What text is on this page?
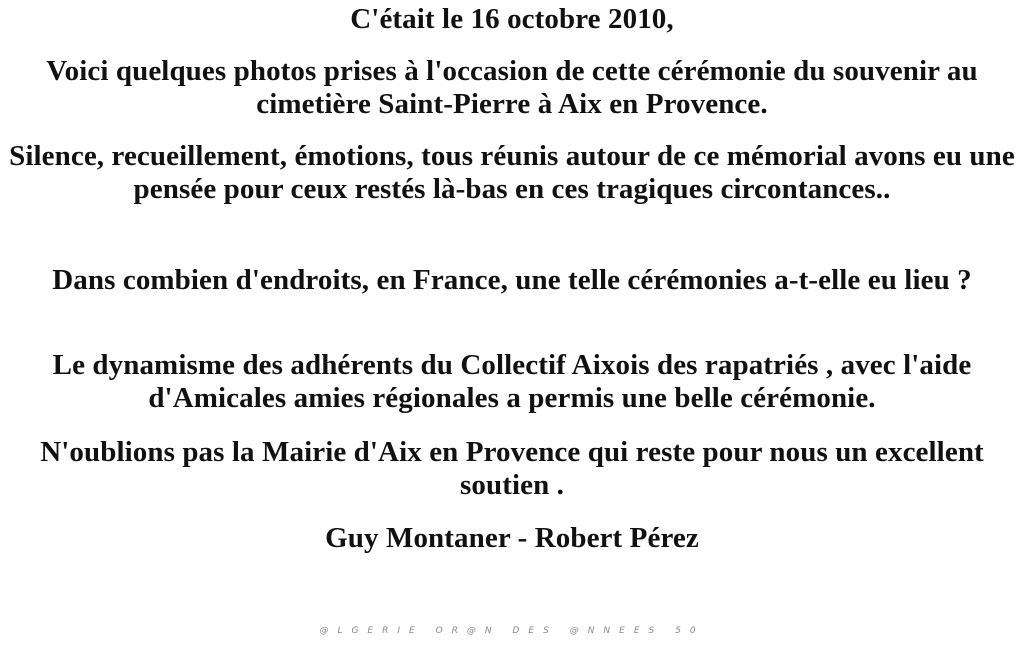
C'était le 16 octobre 2010,

Voici quelques photos prises à l'occasion de cette cérémonie du souvenir au cimetière Saint-Pierre à Aix en Provence.

Silence, recueillement, émotions, tous réunis autour de ce mémorial avons eu une pensée pour ceux restés là-bas en ces tragiques circontances..

Dans combien d'endroits, en France, une telle cérémonies a-t-elle eu lieu ?

Le dynamisme des adhérents du Collectif Aixois des rapatriés , avec l'aide d'Amicales amies régionales a permis une belle cérémonie.

N'oublions pas la Mairie d'Aix en Provence qui reste pour nous un excellent soutien .

Guy Montaner - Robert Pérez

@LGERIE OR@N DES @NNEES 50
